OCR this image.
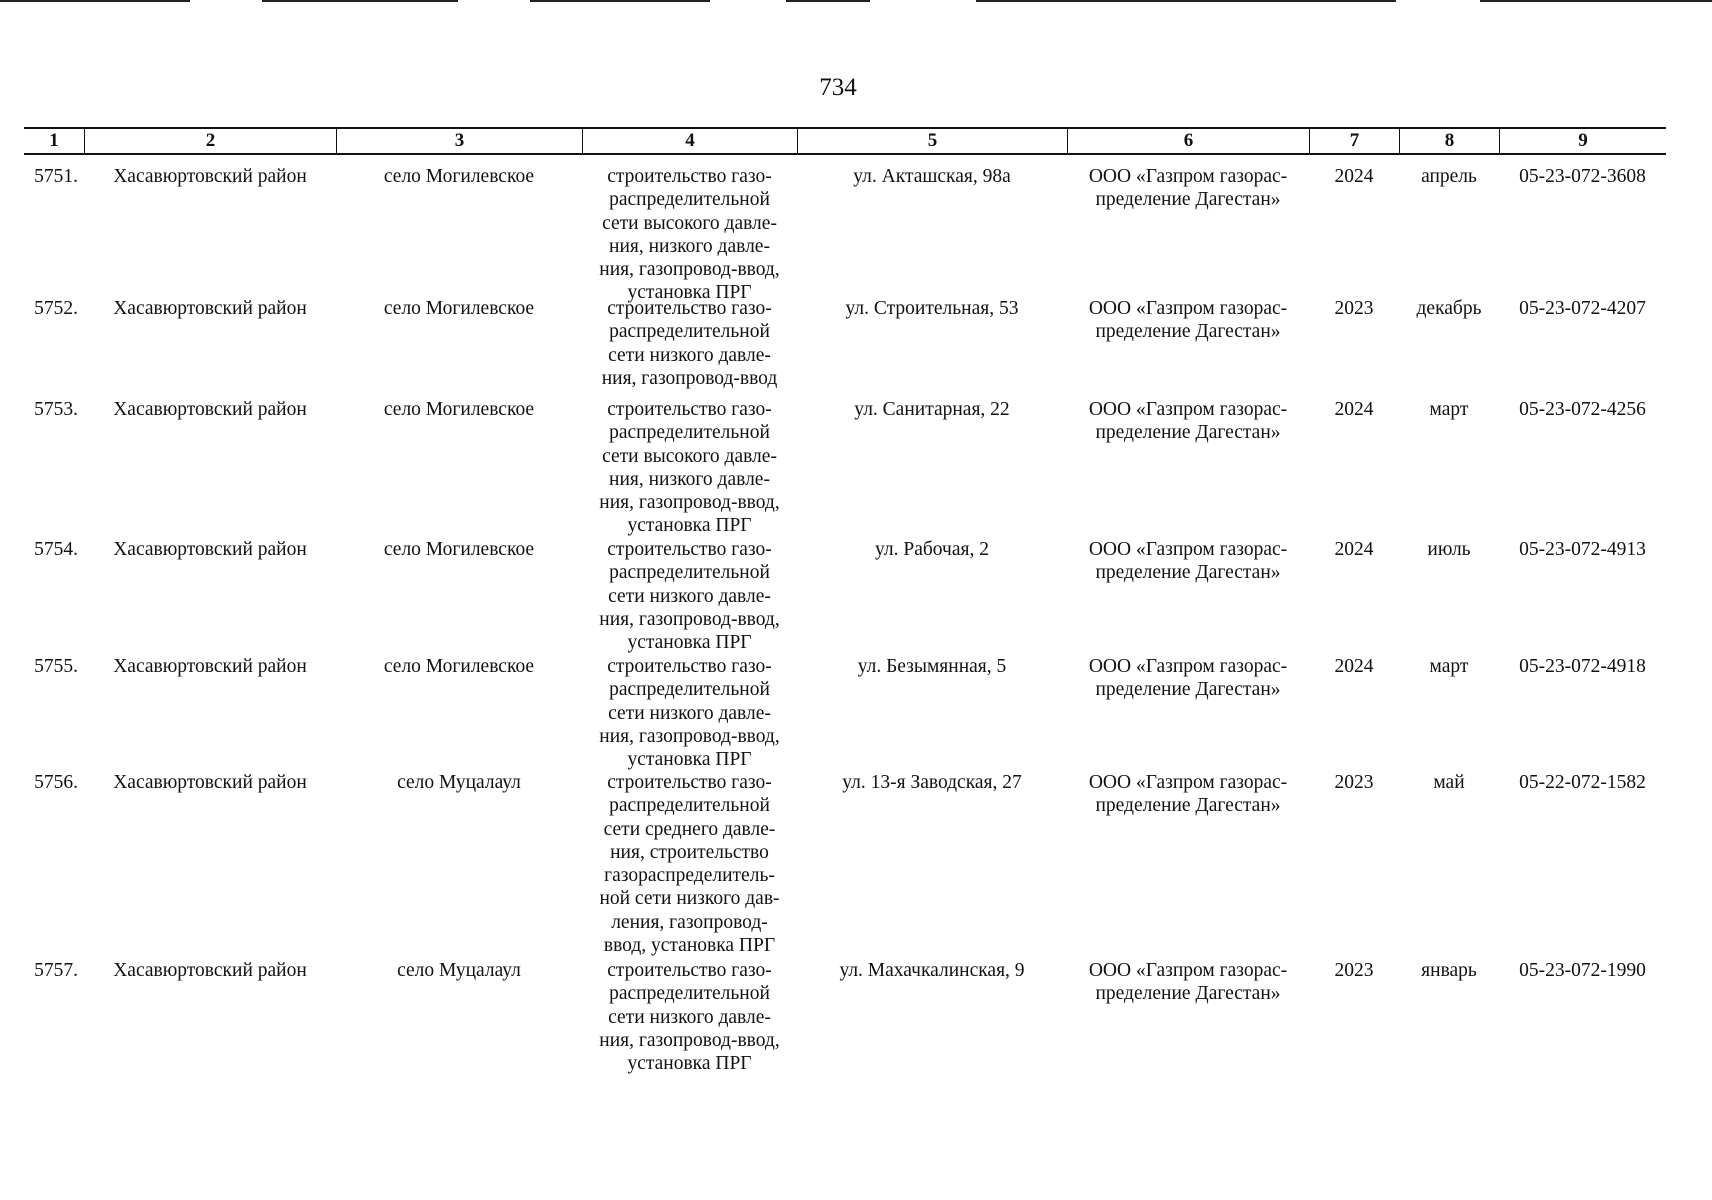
734
1	2	3	4	5	6	7	8	9
5751.	Хасавюртовский район	село Могилевское	строительство газо-
распределительной
сети высокого давле-
ния, низкого давле-
ния, газопровод-ввод,
установка ПРГ
ул. Акташская, 98а	ООО «Газпром газорас-
пределение Дагестан»
2024	апрель	05-23-072-3608
5752.	Хасавюртовский район	село Могилевское	строительство газо-
распределительной
сети низкого давле-
ния, газопровод-ввод
ул. Строительная, 53	ООО «Газпром газорас-
пределение Дагестан»
2023	декабрь	05-23-072-4207
5753.	Хасавюртовский район	село Могилевское	строительство газо-
распределительной
сети высокого давле-
ния, низкого давле-
ния, газопровод-ввод,
установка ПРГ
ул. Санитарная, 22	ООО «Газпром газорас-
пределение Дагестан»
2024	март	05-23-072-4256
5754.	Хасавюртовский район	село Могилевское	строительство газо-
распределительной
сети низкого давле-
ния, газопровод-ввод,
установка ПРГ
ул. Рабочая, 2	ООО «Газпром газорас-
пределение Дагестан»
2024	июль	05-23-072-4913
5755.	Хасавюртовский район	село Могилевское	строительство газо-
распределительной
сети низкого давле-
ния, газопровод-ввод,
установка ПРГ
ул. Безымянная, 5	ООО «Газпром газорас-
пределение Дагестан»
2024	март	05-23-072-4918
5756.	Хасавюртовский район	село Муцалаул	строительство газо-
распределительной
сети среднего давле-
ния, строительство
газораспределитель-
ной сети низкого дав-
ления, газопровод-
ввод, установка ПРГ
ул. 13-я Заводская, 27	ООО «Газпром газорас-
пределение Дагестан»
2023	май	05-22-072-1582
5757.	Хасавюртовский район	село Муцалаул	строительство газо-
распределительной
сети низкого давле-
ния, газопровод-ввод,
установка ПРГ
ул. Махачкалинская, 9	ООО «Газпром газорас-
пределение Дагестан»
2023	январь	05-23-072-1990
